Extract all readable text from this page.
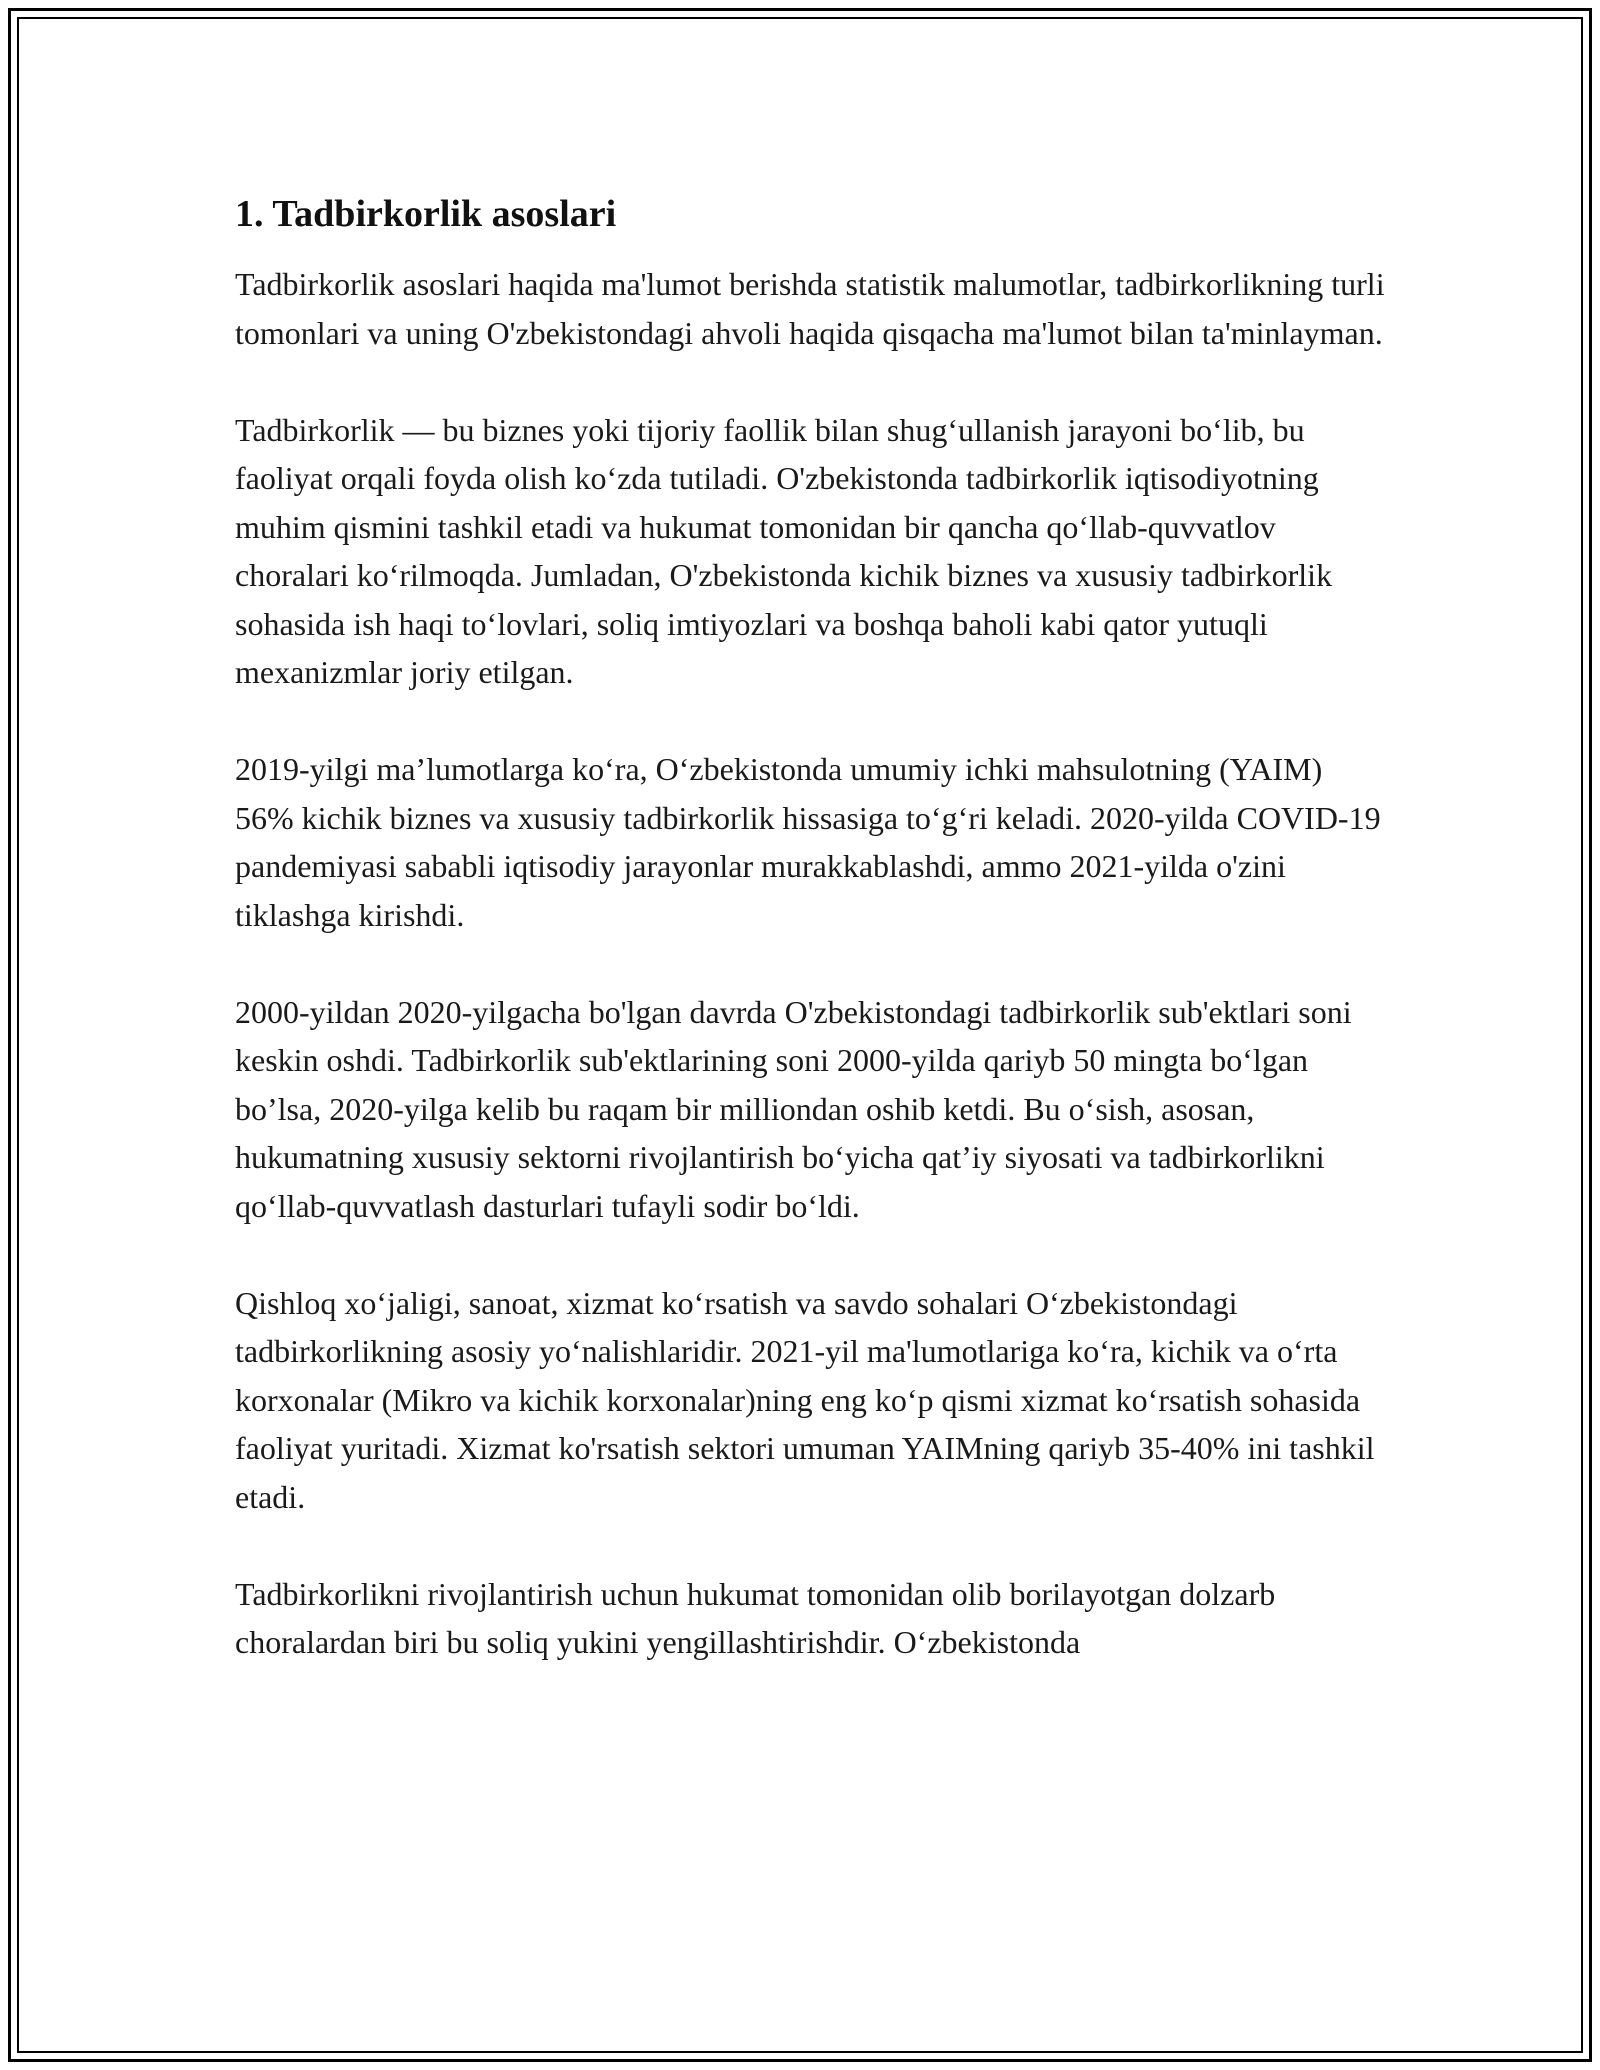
1. Tadbirkorlik asoslari

Tadbirkorlik asoslari haqida ma'lumot berishda statistik malumotlar, tadbirkorlikning turli tomonlari va uning O'zbekistondagi ahvoli haqida qisqacha ma'lumot bilan ta'minlayman.

Tadbirkorlik — bu biznes yoki tijoriy faollik bilan shug‘ullanish jarayoni bo‘lib, bu faoliyat orqali foyda olish ko‘zda tutiladi. O'zbekistonda tadbirkorlik iqtisodiyotning muhim qismini tashkil etadi va hukumat tomonidan bir qancha qo‘llab-quvvatlov choralari ko‘rilmoqda. Jumladan, O'zbekistonda kichik biznes va xususiy tadbirkorlik sohasida ish haqi to‘lovlari, soliq imtiyozlari va boshqa baholi kabi qator yutuqli mexanizmlar joriy etilgan.

2019-yilgi ma’lumotlarga ko‘ra, O‘zbekistonda umumiy ichki mahsulotning (YAIM) 56% kichik biznes va xususiy tadbirkorlik hissasiga to‘g‘ri keladi. 2020-yilda COVID-19 pandemiyasi sababli iqtisodiy jarayonlar murakkablashdi, ammo 2021-yilda o'zini tiklashga kirishdi.

2000-yildan 2020-yilgacha bo'lgan davrda O'zbekistondagi tadbirkorlik sub'ektlari soni keskin oshdi. Tadbirkorlik sub'ektlarining soni 2000-yilda qariyb 50 mingta bo‘lgan bo’lsa, 2020-yilga kelib bu raqam bir milliondan oshib ketdi. Bu o‘sish, asosan, hukumatning xususiy sektorni rivojlantirish bo‘yicha qat’iy siyosati va tadbirkorlikni qo‘llab-quvvatlash dasturlari tufayli sodir bo‘ldi.

Qishloq xo‘jaligi, sanoat, xizmat ko‘rsatish va savdo sohalari O‘zbekistondagi tadbirkorlikning asosiy yo‘nalishlaridir. 2021-yil ma'lumotlariga ko‘ra, kichik va o‘rta korxonalar (Mikro va kichik korxonalar)ning eng ko‘p qismi xizmat ko‘rsatish sohasida faoliyat yuritadi. Xizmat ko'rsatish sektori umuman YAIMning qariyb 35-40% ini tashkil etadi.

Tadbirkorlikni rivojlantirish uchun hukumat tomonidan olib borilayotgan dolzarb choralardan biri bu soliq yukini yengillashtirishdir. O‘zbekistonda
